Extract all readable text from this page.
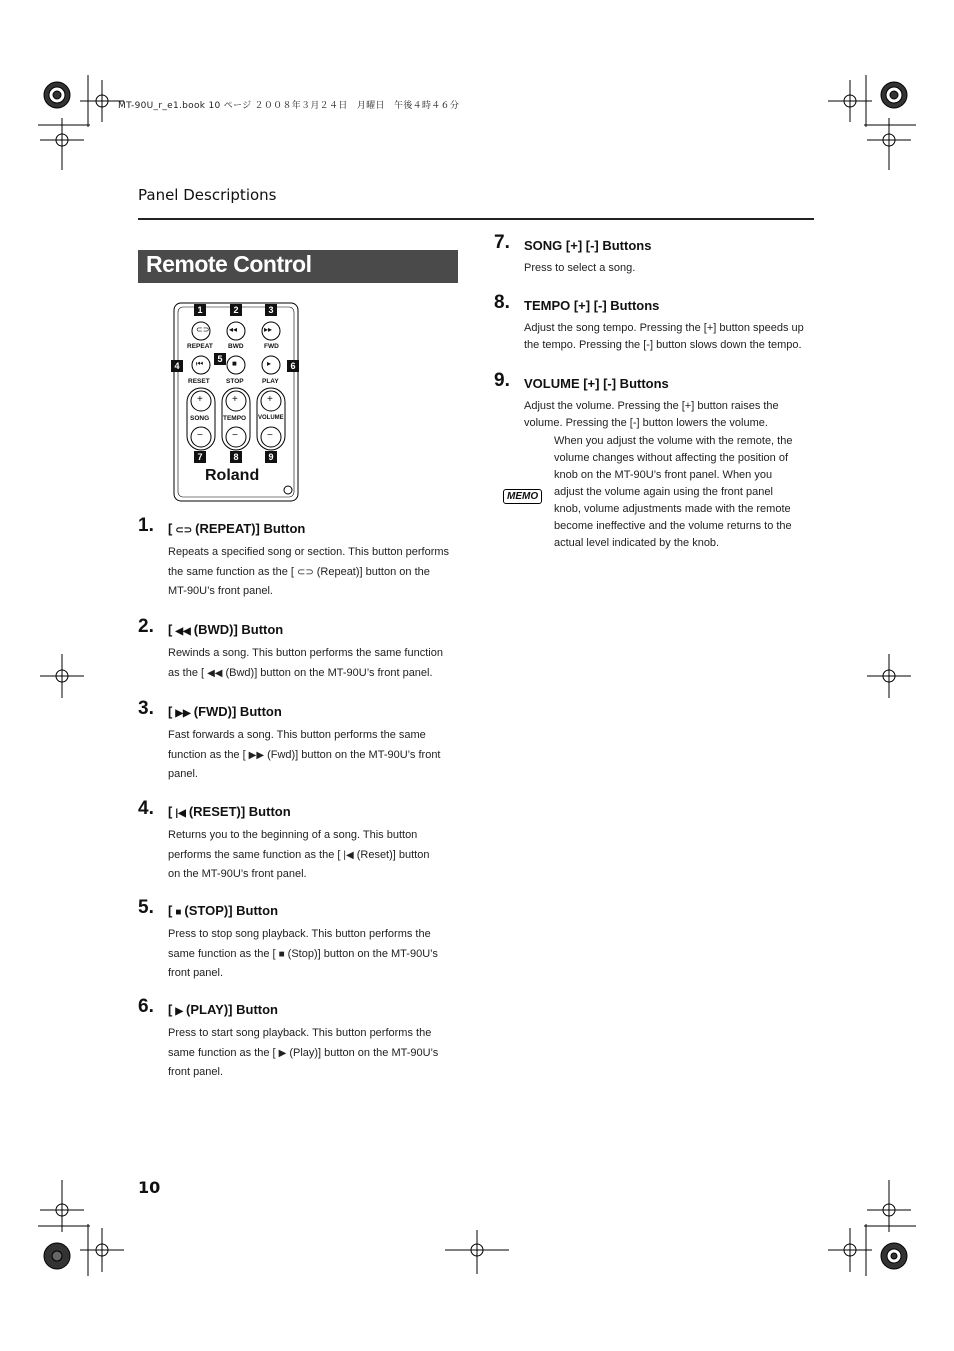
MT-90U_r_e1.book 10 ページ ２００８年３月２４日　月曜日　午後４時４６分
Panel Descriptions
Remote Control
⊂⊃ ◂◂	▸▸
REPEAT BWD	FWD
⏮	■	▸
RESET	STOP	PLAY
+	+	+
SONG TEMPO VOLUME
−	−	−
Roland
1	2	3
4
5
6
7	8	9
1. [ ⊂⊃ (REPEAT)] Button
Repeats a specified song or section. This button performs
the same function as the [ ⊂⊃ (Repeat)] button on the
MT-90U’s front panel.
2. [ ◀◀ (BWD)] Button
Rewinds a song. This button performs the same function
as the [ ◀◀ (Bwd)] button on the MT-90U’s front panel.
3. [ ▶▶ (FWD)] Button
Fast forwards a song. This button performs the same
function as the [ ▶▶ (Fwd)] button on the MT-90U’s front
panel.
4. [ |◀ (RESET)] Button
Returns you to the beginning of a song. This button
performs the same function as the [ |◀ (Reset)] button
on the MT-90U’s front panel.
5. [ ■ (STOP)] Button
Press to stop song playback. This button performs the
same function as the [ ■ (Stop)] button on the MT-90U’s
front panel.
6. [ ▶ (PLAY)] Button
Press to start song playback. This button performs the
same function as the [ ▶ (Play)] button on the MT-90U’s
front panel.
7. SONG [+] [-] Buttons
Press to select a song.
8. TEMPO [+] [-] Buttons
Adjust the song tempo. Pressing the [+] button speeds up
the tempo. Pressing the [-] button slows down the tempo.
9. VOLUME [+] [-] Buttons
Adjust the volume. Pressing the [+] button raises the
volume. Pressing the [-] button lowers the volume.
MEMO
When you adjust the volume with the remote, the
volume changes without affecting the position of
knob on the MT-90U’s front panel. When you
adjust the volume again using the front panel
knob, volume adjustments made with the remote
become ineffective and the volume returns to the
actual level indicated by the knob.
10
